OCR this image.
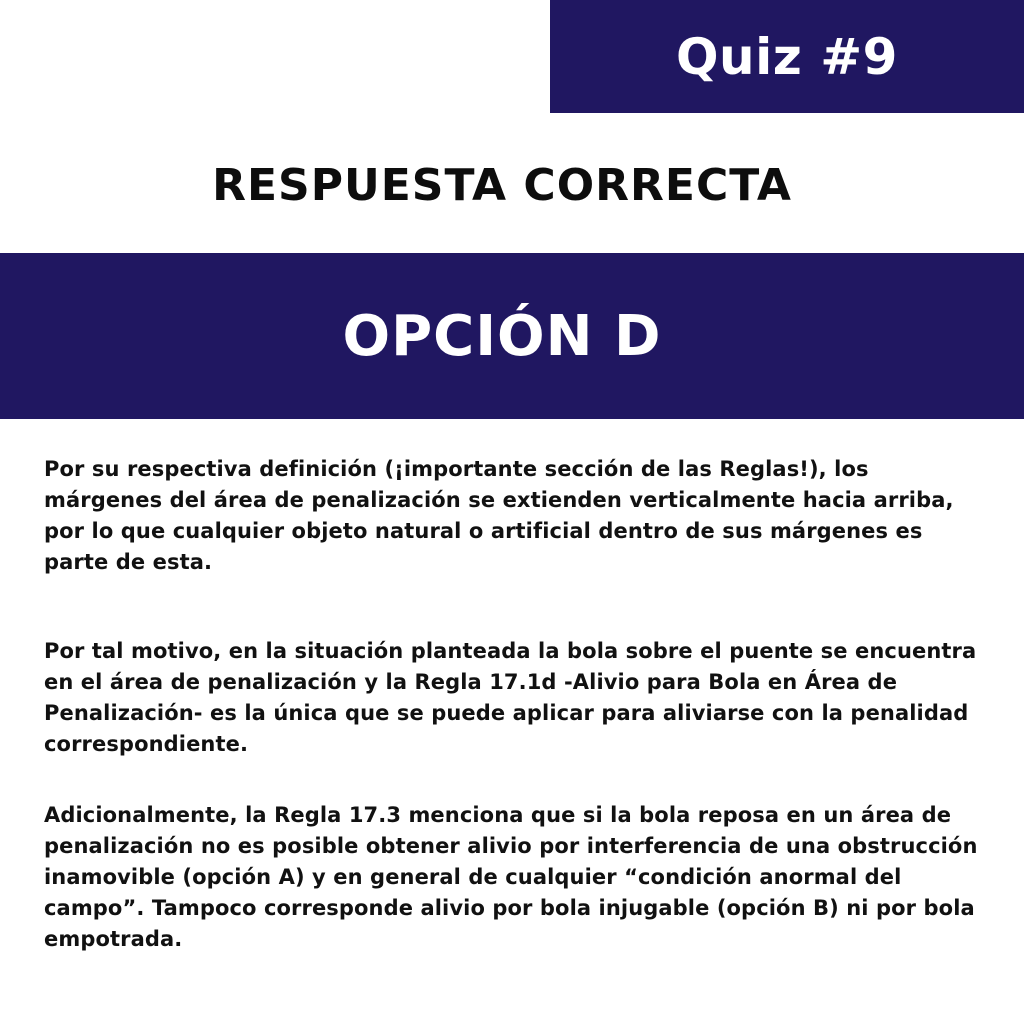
Quiz #9
RESPUESTA CORRECTA
OPCIÓN D

Por su respectiva definición (¡importante sección de las Reglas!), los márgenes del área de penalización se extienden verticalmente hacia arriba, por lo que cualquier objeto natural o artificial dentro de sus márgenes es parte de esta.

Por tal motivo, en la situación planteada la bola sobre el puente se encuentra en el área de penalización y la Regla 17.1d -Alivio para Bola en Área de Penalización- es la única que se puede aplicar para aliviarse con la penalidad correspondiente.

Adicionalmente, la Regla 17.3 menciona que si la bola reposa en un área de penalización no es posible obtener alivio por interferencia de una obstrucción inamovible (opción A) y en general de cualquier “condición anormal del campo”. Tampoco corresponde alivio por bola injugable (opción B) ni por bola empotrada.
